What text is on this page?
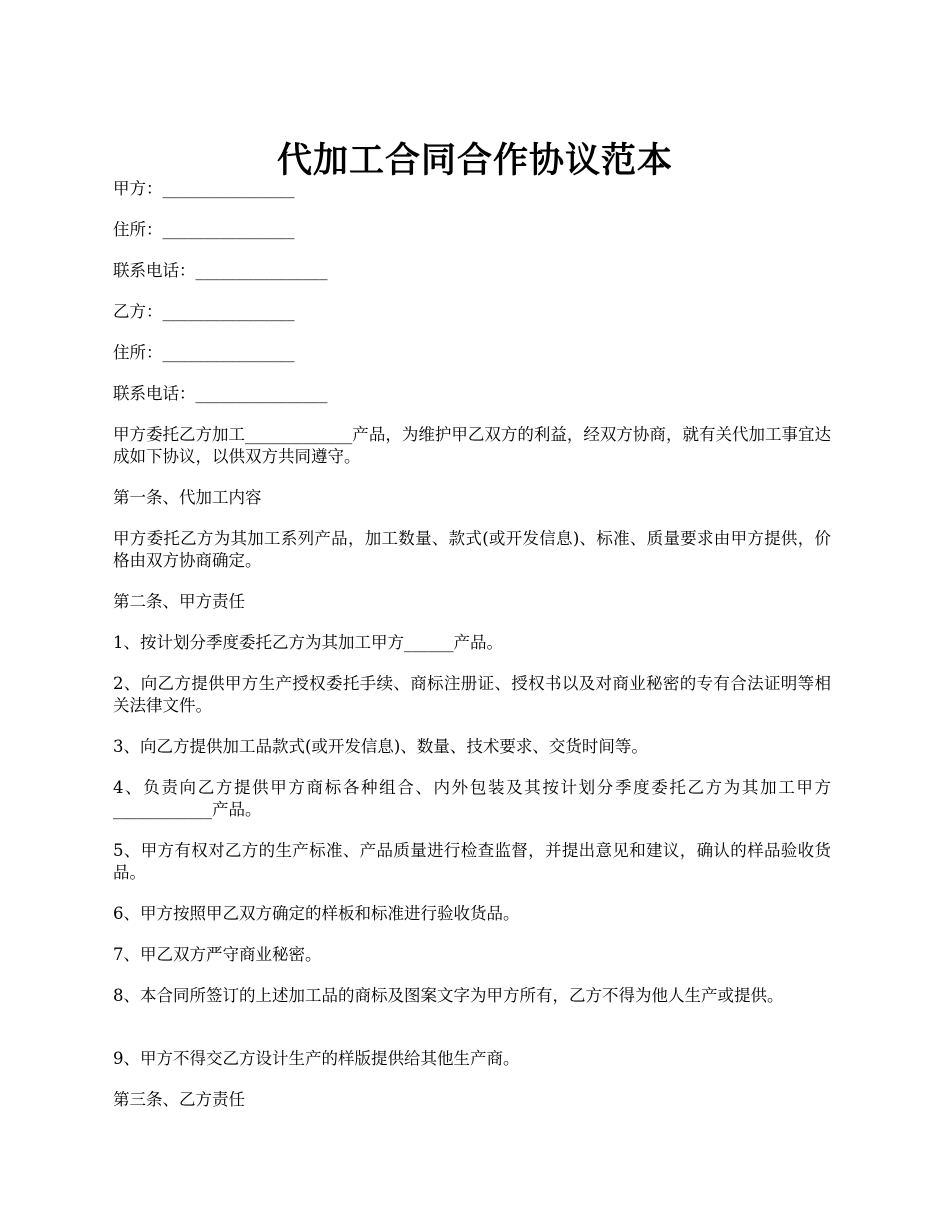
代加工合同合作协议范本

甲方：________________

住所：________________

联系电话：________________

乙方：________________

住所：________________

联系电话：________________

甲方委托乙方加工_____________产品，为维护甲乙双方的利益，经双方协商，就有关代加工事宜达成如下协议，以供双方共同遵守。

第一条、代加工内容

甲方委托乙方为其加工系列产品，加工数量、款式(或开发信息)、标准、质量要求由甲方提供，价格由双方协商确定。

第二条、甲方责任

1、按计划分季度委托乙方为其加工甲方______产品。

2、向乙方提供甲方生产授权委托手续、商标注册证、授权书以及对商业秘密的专有合法证明等相关法律文件。

3、向乙方提供加工品款式(或开发信息)、数量、技术要求、交货时间等。

4、负责向乙方提供甲方商标各种组合、内外包装及其按计划分季度委托乙方为其加工甲方____________产品。

5、甲方有权对乙方的生产标准、产品质量进行检查监督，并提出意见和建议，确认的样品验收货品。

6、甲方按照甲乙双方确定的样板和标准进行验收货品。

7、甲乙双方严守商业秘密。

8、本合同所签订的上述加工品的商标及图案文字为甲方所有，乙方不得为他人生产或提供。

9、甲方不得交乙方设计生产的样版提供给其他生产商。

第三条、乙方责任
